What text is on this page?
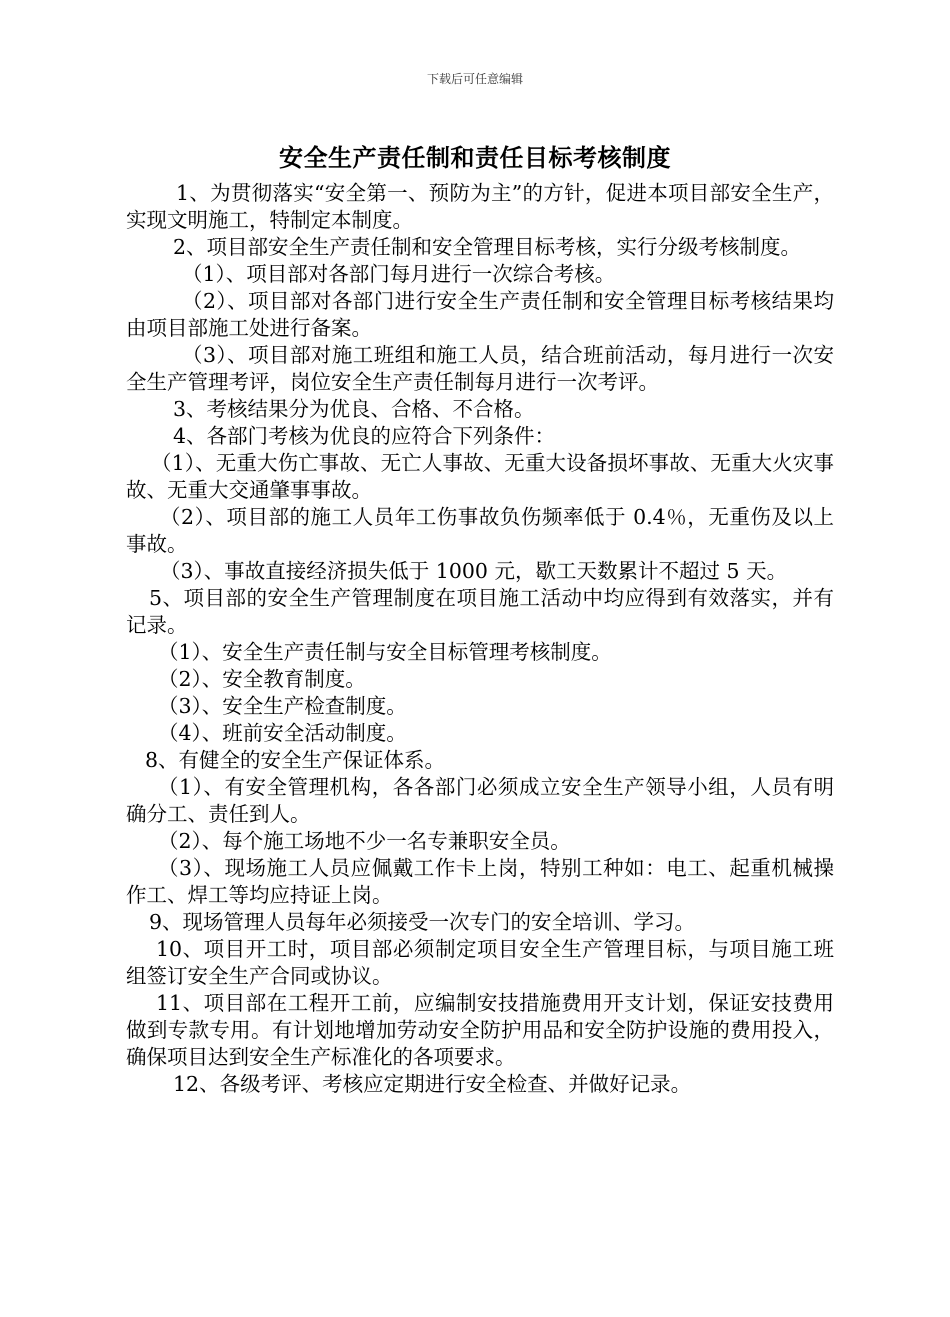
下载后可任意编辑
安全生产责任制和责任目标考核制度

1、为贯彻落实“安全第一、预防为主”的方针，促进本项目部安全生产，实现文明施工，特制定本制度。

2、项目部安全生产责任制和安全管理目标考核，实行分级考核制度。

（1）、项目部对各部门每月进行一次综合考核。

（2）、项目部对各部门进行安全生产责任制和安全管理目标考核结果均由项目部施工处进行备案。

（3）、项目部对施工班组和施工人员，结合班前活动，每月进行一次安全生产管理考评，岗位安全生产责任制每月进行一次考评。

3、考核结果分为优良、合格、不合格。

4、各部门考核为优良的应符合下列条件：

（1）、无重大伤亡事故、无亡人事故、无重大设备损坏事故、无重大火灾事故、无重大交通肇事事故。

（2）、项目部的施工人员年工伤事故负伤频率低于 0.4％，无重伤及以上事故。

（3）、事故直接经济损失低于 1000 元，歇工天数累计不超过 5 天。

5、项目部的安全生产管理制度在项目施工活动中均应得到有效落实，并有记录。

（1）、安全生产责任制与安全目标管理考核制度。

（2）、安全教育制度。

（3）、安全生产检查制度。

（4）、班前安全活动制度。

8、有健全的安全生产保证体系。

（1）、有安全管理机构，各各部门必须成立安全生产领导小组，人员有明确分工、责任到人。

（2）、每个施工场地不少一名专兼职安全员。

（3）、现场施工人员应佩戴工作卡上岗，特别工种如：电工、起重机械操作工、焊工等均应持证上岗。

9、现场管理人员每年必须接受一次专门的安全培训、学习。

10、项目开工时，项目部必须制定项目安全生产管理目标，与项目施工班组签订安全生产合同或协议。

11、项目部在工程开工前，应编制安技措施费用开支计划，保证安技费用做到专款专用。有计划地增加劳动安全防护用品和安全防护设施的费用投入，确保项目达到安全生产标准化的各项要求。

12、各级考评、考核应定期进行安全检查、并做好记录。
